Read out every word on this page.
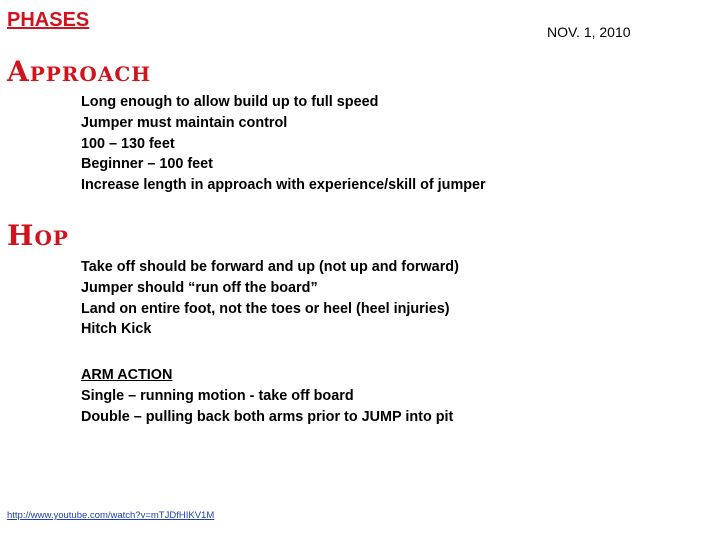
PHASES
NOV. 1, 2010
Approach
Long enough to allow build up to full speed
Jumper must maintain control
100 – 130 feet
Beginner – 100 feet
Increase length in approach with experience/skill of jumper
Hop
Take off should be forward and up (not up and forward)
Jumper should “run off the board”
Land on entire foot, not the toes or heel (heel injuries)
Hitch Kick
ARM ACTION
Single – running motion - take off board
Double – pulling back both arms prior to JUMP into pit
http://www.youtube.com/watch?v=mTJDfHIKV1M
